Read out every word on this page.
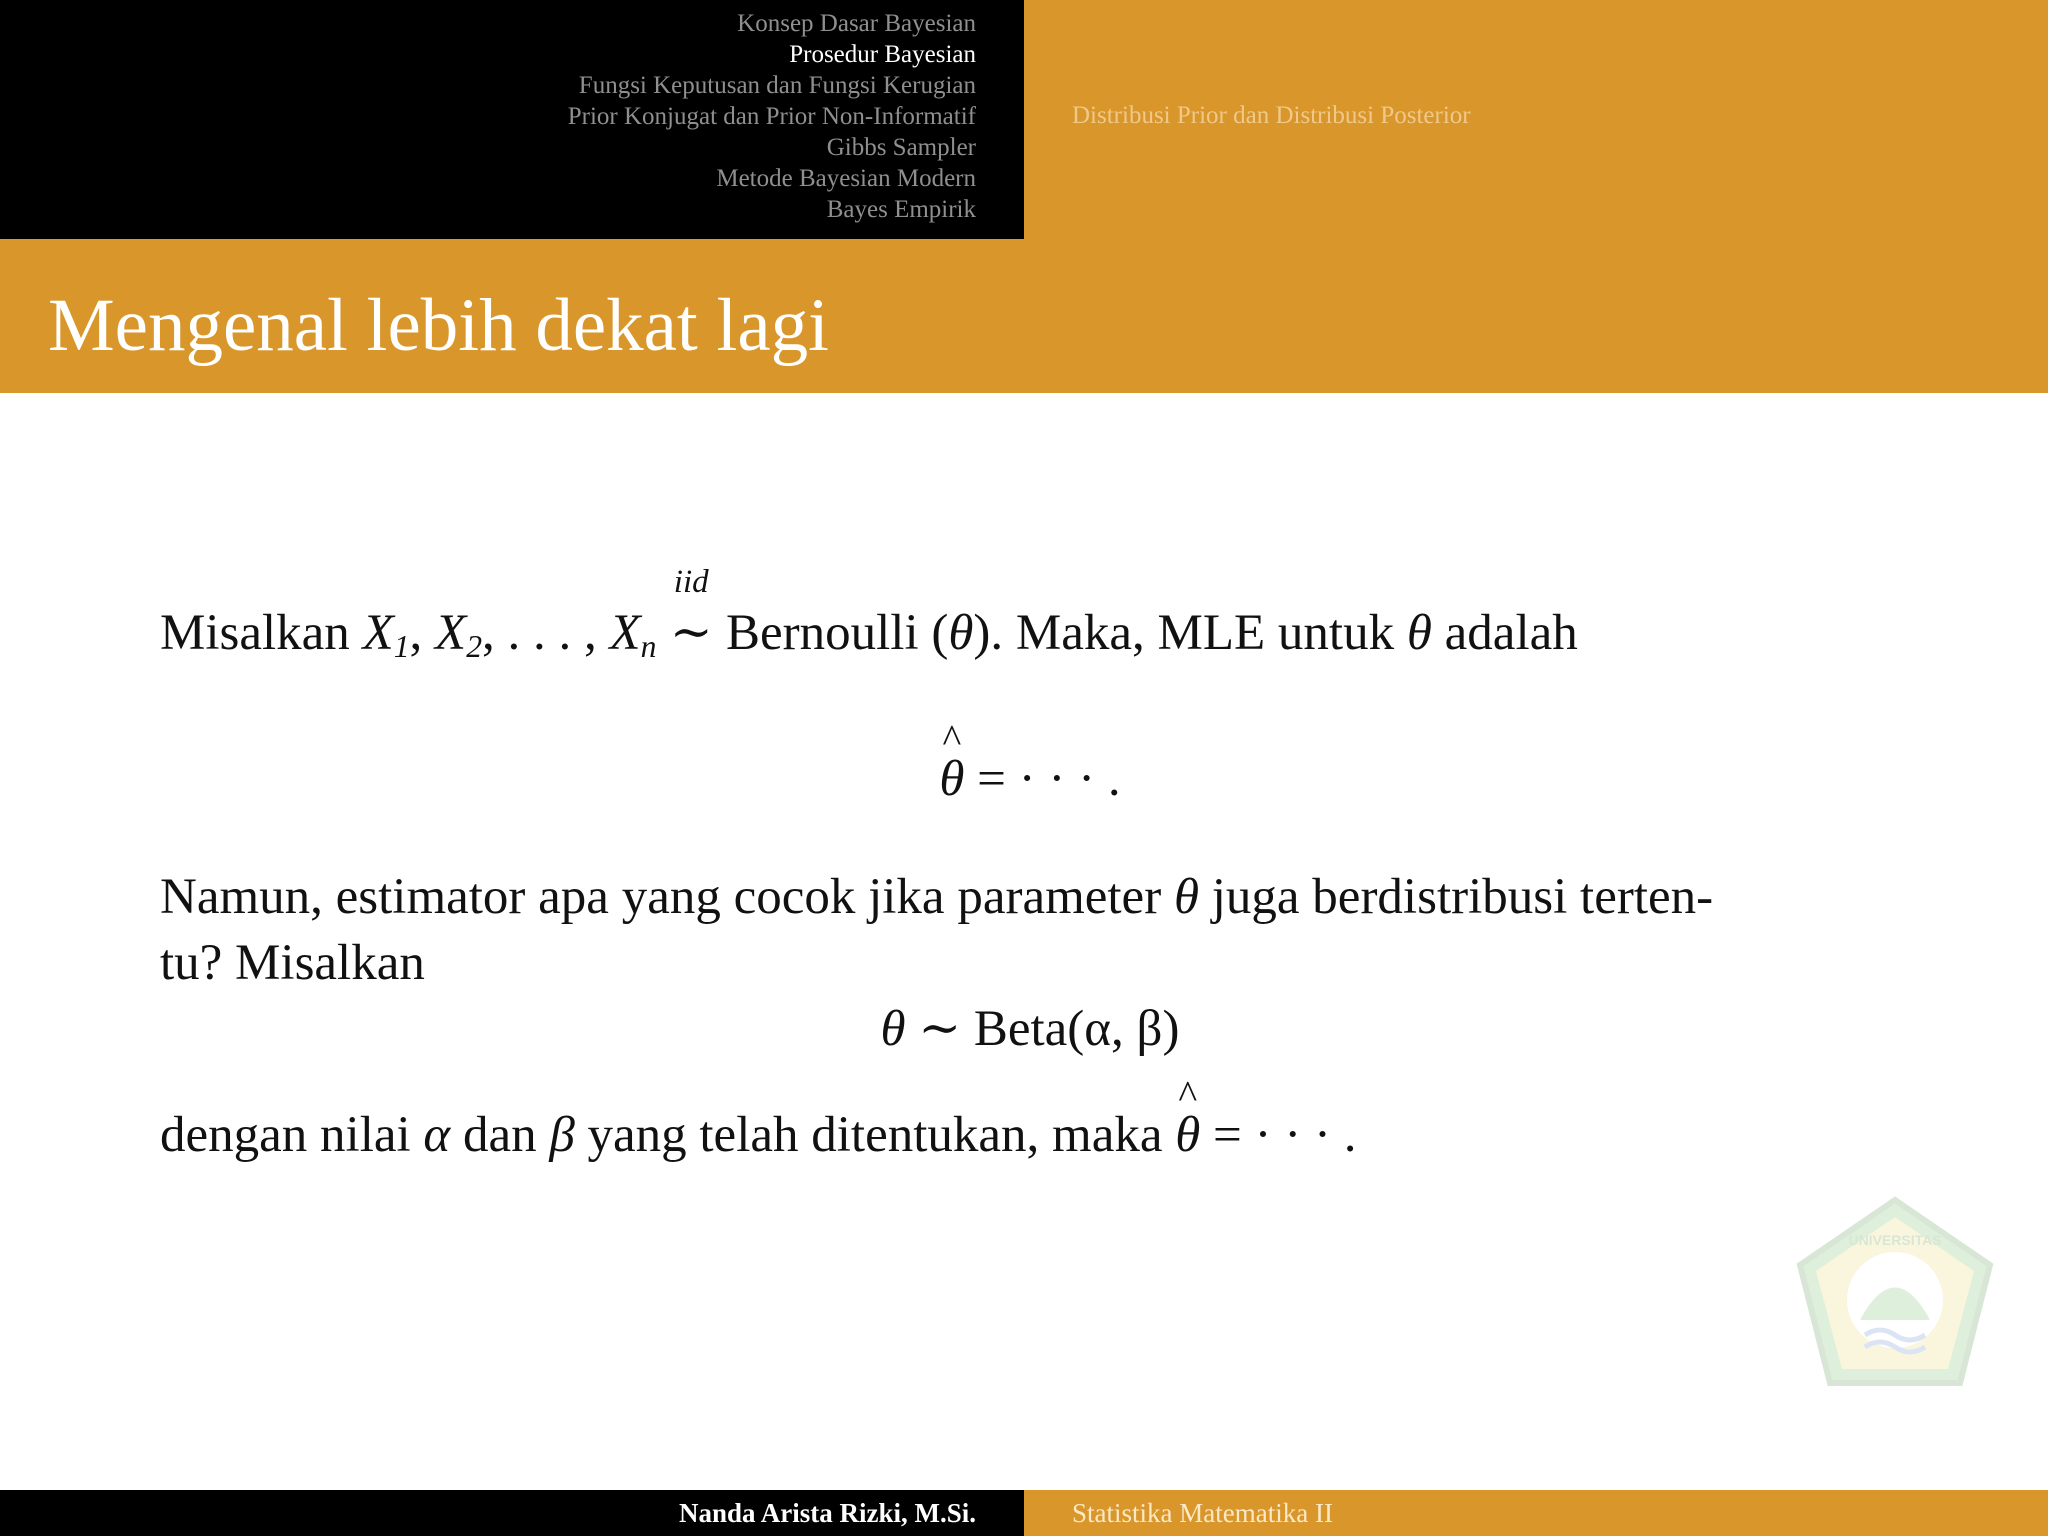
Konsep Dasar Bayesian
Prosedur Bayesian
Fungsi Keputusan dan Fungsi Kerugian
Prior Konjugat dan Prior Non-Informatif
Gibbs Sampler
Metode Bayesian Modern
Bayes Empirik
Distribusi Prior dan Distribusi Posterior
Mengenal lebih dekat lagi

Misalkan $X_1$, $X_2$, . . . , $X_n$
iid
∼ Bernoulli (θ). Maka, MLE untuk θ adalah

^
θ = · · · .

Namun, estimator apa yang cocok jika parameter θ juga berdistribusi terten-
tu? Misalkan

θ ∼ Beta(α, β)

dengan nilai α dan β yang telah ditentukan, maka
^
θ = · · · .

UNIVERSITAS
Nanda Arista Rizki, M.Si.	Statistika Matematika II
